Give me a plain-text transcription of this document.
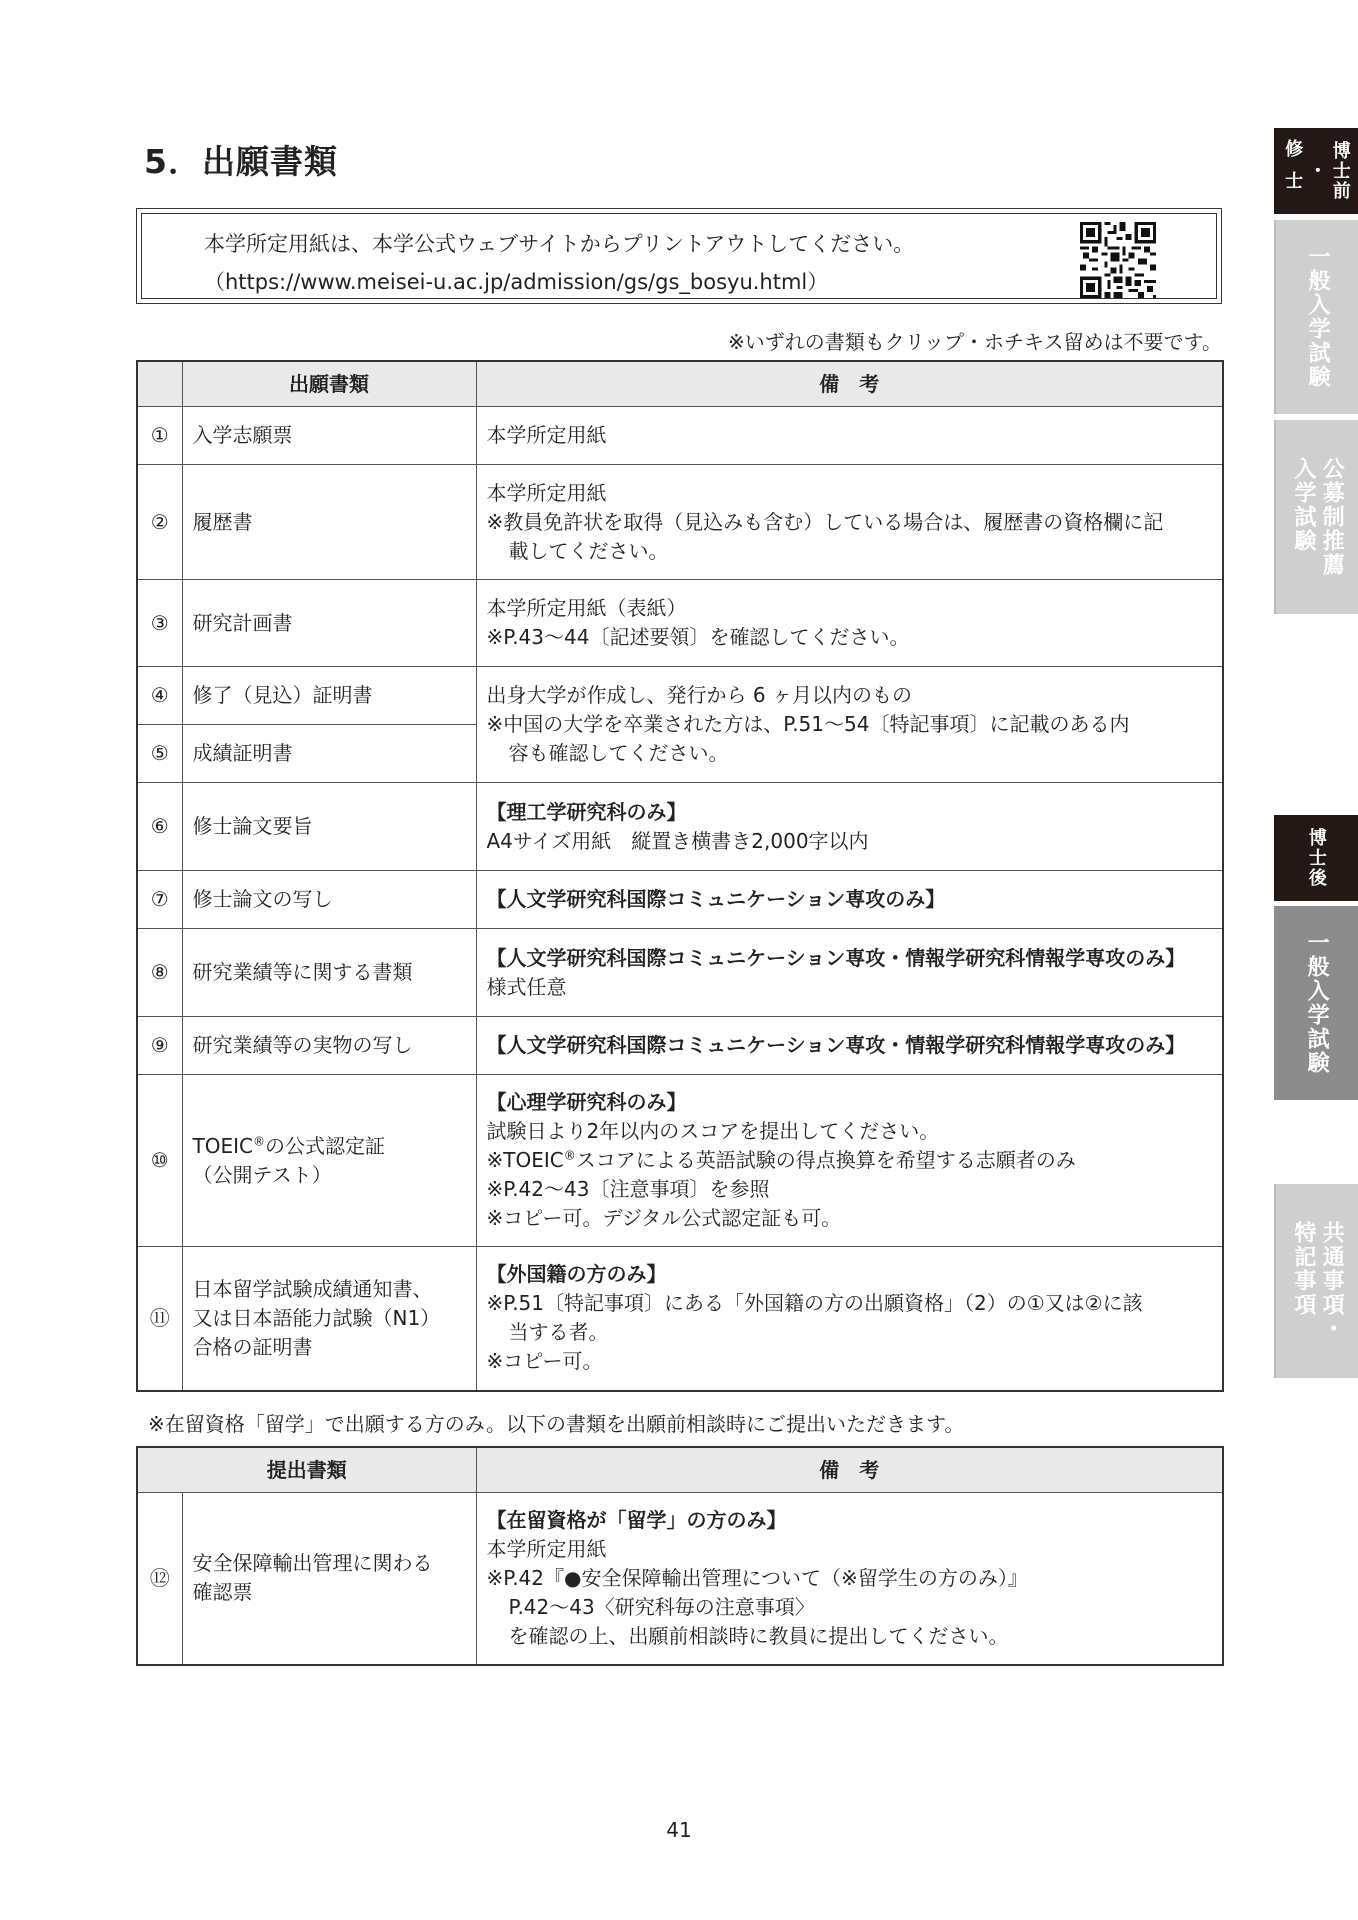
5．出願書類
本学所定用紙は、本学公式ウェブサイトからプリントアウトしてください。
（https://www.meisei-u.ac.jp/admission/gs/gs_bosyu.html）
※いずれの書類もクリップ・ホチキス留めは不要です。
	出願書類	備　考
①	入学志願票	本学所定用紙

②	履歴書	本学所定用紙
※教員免許状を取得（見込みも含む）している場合は、履歴書の資格欄に記
載してください。

③	研究計画書	本学所定用紙（表紙）
※P.43〜44〔記述要領〕を確認してください。

④	修了（見込）証明書	出身大学が作成し、発行から 6 ヶ月以内のもの
※中国の大学を卒業された方は、P.51〜54〔特記事項〕に記載のある内
容も確認してください。

⑤	成績証明書	
⑥	修士論文要旨	【理工学研究科のみ】
A4サイズ用紙　縦置き横書き2,000字以内

⑦	修士論文の写し	【人文学研究科国際コミュニケーション専攻のみ】

⑧	研究業績等に関する書類	【人文学研究科国際コミュニケーション専攻・情報学研究科情報学専攻のみ】
様式任意

⑨	研究業績等の実物の写し	【人文学研究科国際コミュニケーション専攻・情報学研究科情報学専攻のみ】

⑩	TOEIC®の公式認定証
（公開テスト）	【心理学研究科のみ】
試験日より2年以内のスコアを提出してください。
※TOEIC®スコアによる英語試験の得点換算を希望する志願者のみ
※P.42〜43〔注意事項〕を参照
※コピー可。デジタル公式認定証も可。

⑪	日本留学試験成績通知書、
又は日本語能力試験（N1）
合格の証明書	【外国籍の方のみ】
※P.51〔特記事項〕にある「外国籍の方の出願資格」（2）の①又は②に該
当する者。
※コピー可。
※在留資格「留学」で出願する方のみ。以下の書類を出願前相談時にご提出いただきます。
提出書類		備　考
⑫	安全保障輸出管理に関わる
確認票	【在留資格が「留学」の方のみ】
本学所定用紙
※P.42『●安全保障輸出管理について（※留学生の方のみ）』
P.42〜43〈研究科毎の注意事項〉
を確認の上、出願前相談時に教員に提出してください。
41
博士前
・
修士
一般入学試験
公募制推薦
入学試験
博士後
一般入学試験
共通事項・
特記事項
